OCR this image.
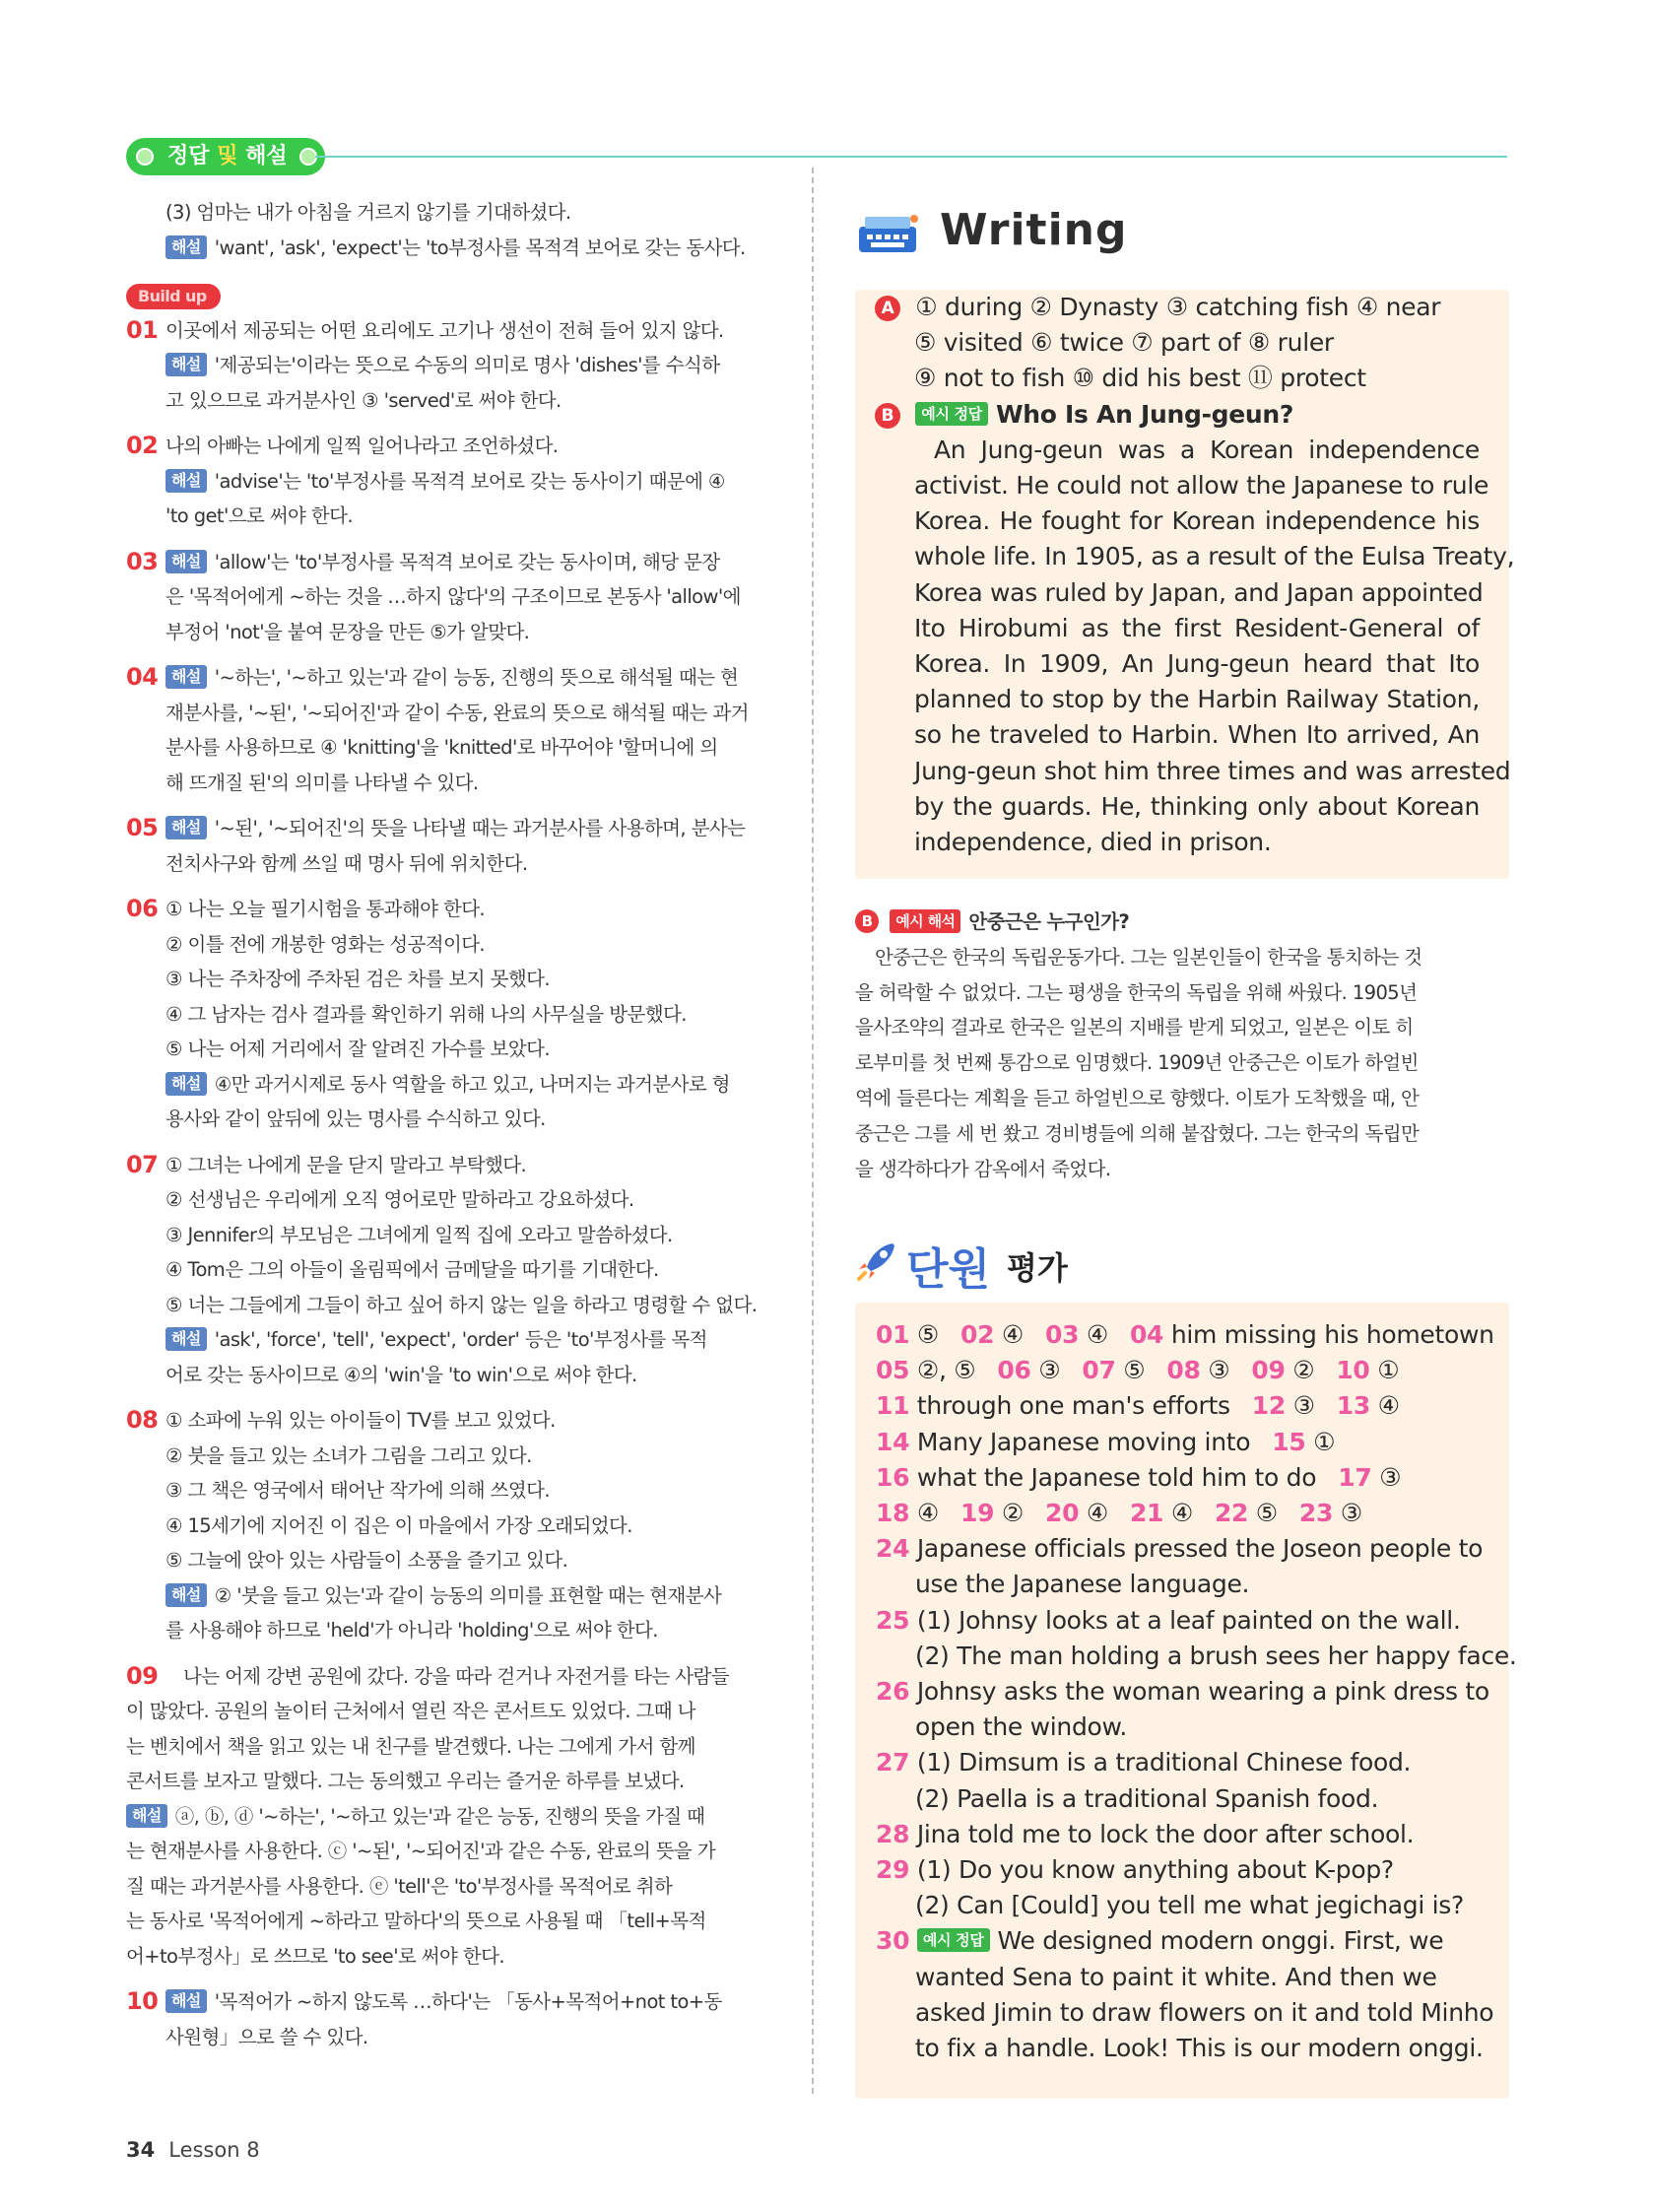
정답 및 해설
(3) 엄마는 내가 아침을 거르지 않기를 기대하셨다.
해설 'want', 'ask', 'expect'는 'to부정사를 목적격 보어로 갖는 동사다.
Build up
01 이곳에서 제공되는 어떤 요리에도 고기나 생선이 전혀 들어 있지 않다.
해설 '제공되는'이라는 뜻으로 수동의 의미로 명사 'dishes'를 수식하
고 있으므로 과거분사인 ③ 'served'로 써야 한다.
02 나의 아빠는 나에게 일찍 일어나라고 조언하셨다.
해설 'advise'는 'to'부정사를 목적격 보어로 갖는 동사이기 때문에 ④
'to get'으로 써야 한다.
03 해설 'allow'는 'to'부정사를 목적격 보어로 갖는 동사이며, 해당 문장
은 '목적어에게 ~하는 것을 …하지 않다'의 구조이므로 본동사 'allow'에
부정어 'not'을 붙여 문장을 만든 ⑤가 알맞다.
04 해설 '~하는', '~하고 있는'과 같이 능동, 진행의 뜻으로 해석될 때는 현
재분사를, '~된', '~되어진'과 같이 수동, 완료의 뜻으로 해석될 때는 과거
분사를 사용하므로 ④ 'knitting'을 'knitted'로 바꾸어야 '할머니에 의
해 뜨개질 된'의 의미를 나타낼 수 있다.
05 해설 '~된', '~되어진'의 뜻을 나타낼 때는 과거분사를 사용하며, 분사는
전치사구와 함께 쓰일 때 명사 뒤에 위치한다.
06 ① 나는 오늘 필기시험을 통과해야 한다.
② 이틀 전에 개봉한 영화는 성공적이다.
③ 나는 주차장에 주차된 검은 차를 보지 못했다.
④ 그 남자는 검사 결과를 확인하기 위해 나의 사무실을 방문했다.
⑤ 나는 어제 거리에서 잘 알려진 가수를 보았다.
해설 ④만 과거시제로 동사 역할을 하고 있고, 나머지는 과거분사로 형
용사와 같이 앞뒤에 있는 명사를 수식하고 있다.
07 ① 그녀는 나에게 문을 닫지 말라고 부탁했다.
② 선생님은 우리에게 오직 영어로만 말하라고 강요하셨다.
③ Jennifer의 부모님은 그녀에게 일찍 집에 오라고 말씀하셨다.
④ Tom은 그의 아들이 올림픽에서 금메달을 따기를 기대한다.
⑤ 너는 그들에게 그들이 하고 싶어 하지 않는 일을 하라고 명령할 수 없다.
해설 'ask', 'force', 'tell', 'expect', 'order' 등은 'to'부정사를 목적
어로 갖는 동사이므로 ④의 'win'을 'to win'으로 써야 한다.
08 ① 소파에 누워 있는 아이들이 TV를 보고 있었다.
② 붓을 들고 있는 소녀가 그림을 그리고 있다.
③ 그 책은 영국에서 태어난 작가에 의해 쓰였다.
④ 15세기에 지어진 이 집은 이 마을에서 가장 오래되었다.
⑤ 그늘에 앉아 있는 사람들이 소풍을 즐기고 있다.
해설 ② '붓을 들고 있는'과 같이 능동의 의미를 표현할 때는 현재분사
를 사용해야 하므로 'held'가 아니라 'holding'으로 써야 한다.
09 나는 어제 강변 공원에 갔다. 강을 따라 걷거나 자전거를 타는 사람들
이 많았다. 공원의 놀이터 근처에서 열린 작은 콘서트도 있었다. 그때 나
는 벤치에서 책을 읽고 있는 내 친구를 발견했다. 나는 그에게 가서 함께
콘서트를 보자고 말했다. 그는 동의했고 우리는 즐거운 하루를 보냈다.
해설 ⓐ, ⓑ, ⓓ '~하는', '~하고 있는'과 같은 능동, 진행의 뜻을 가질 때
는 현재분사를 사용한다. ⓒ '~된', '~되어진'과 같은 수동, 완료의 뜻을 가
질 때는 과거분사를 사용한다. ⓔ 'tell'은 'to'부정사를 목적어로 취하
는 동사로 '목적어에게 ~하라고 말하다'의 뜻으로 사용될 때 「tell+목적
어+to부정사」로 쓰므로 'to see'로 써야 한다.
10 해설 '목적어가 ~하지 않도록 …하다'는 「동사+목적어+not to+동
사원형」으로 쓸 수 있다.
Writing
A ① during ② Dynasty ③ catching fish ④ near
⑤ visited ⑥ twice ⑦ part of ⑧ ruler
⑨ not to fish ⑩ did his best ⑪ protect
B 예시 정답 Who Is An Jung-geun?
An Jung-geun was a Korean independence
activist. He could not allow the Japanese to rule
Korea. He fought for Korean independence his
whole life. In 1905, as a result of the Eulsa Treaty,
Korea was ruled by Japan, and Japan appointed
Ito Hirobumi as the first Resident-General of
Korea. In 1909, An Jung-geun heard that Ito
planned to stop by the Harbin Railway Station,
so he traveled to Harbin. When Ito arrived, An
Jung-geun shot him three times and was arrested
by the guards. He, thinking only about Korean
independence, died in prison.
B 예시 해석 안중근은 누구인가?
안중근은 한국의 독립운동가다. 그는 일본인들이 한국을 통치하는 것
을 허락할 수 없었다. 그는 평생을 한국의 독립을 위해 싸웠다. 1905년
을사조약의 결과로 한국은 일본의 지배를 받게 되었고, 일본은 이토 히
로부미를 첫 번째 통감으로 임명했다. 1909년 안중근은 이토가 하얼빈
역에 들른다는 계획을 듣고 하얼빈으로 향했다. 이토가 도착했을 때, 안
중근은 그를 세 번 쐈고 경비병들에 의해 붙잡혔다. 그는 한국의 독립만
을 생각하다가 감옥에서 죽었다.
단원 평가
01 ⑤ 02 ④ 03 ④ 04 him missing his hometown
05 ②, ⑤ 06 ③ 07 ⑤ 08 ③ 09 ② 10 ①
11 through one man's efforts 12 ③ 13 ④
14 Many Japanese moving into 15 ①
16 what the Japanese told him to do 17 ③
18 ④ 19 ② 20 ④ 21 ④ 22 ⑤ 23 ③
24 Japanese officials pressed the Joseon people to
use the Japanese language.
25 (1) Johnsy looks at a leaf painted on the wall.
(2) The man holding a brush sees her happy face.
26 Johnsy asks the woman wearing a pink dress to
open the window.
27 (1) Dimsum is a traditional Chinese food.
(2) Paella is a traditional Spanish food.
28 Jina told me to lock the door after school.
29 (1) Do you know anything about K-pop?
(2) Can [Could] you tell me what jegichagi is?
30 예시 정답 We designed modern onggi. First, we
wanted Sena to paint it white. And then we
asked Jimin to draw flowers on it and told Minho
to fix a handle. Look! This is our modern onggi.
34 Lesson 8
